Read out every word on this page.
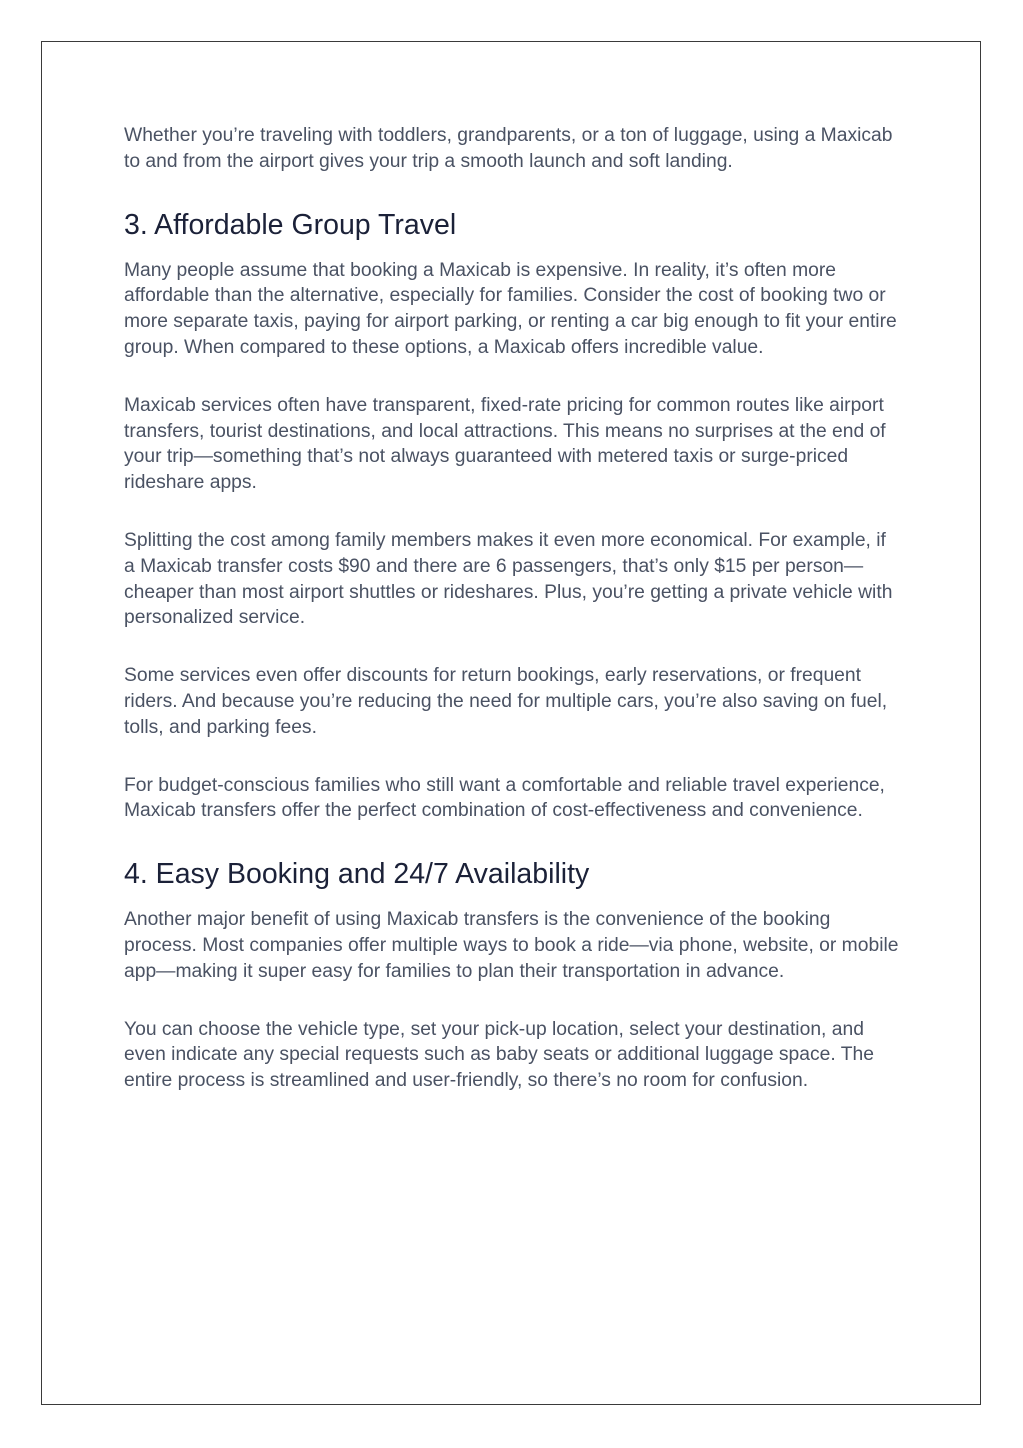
Whether you’re traveling with toddlers, grandparents, or a ton of luggage, using a Maxicab to and from the airport gives your trip a smooth launch and soft landing.

3. Affordable Group Travel

Many people assume that booking a Maxicab is expensive. In reality, it’s often more affordable than the alternative, especially for families. Consider the cost of booking two or more separate taxis, paying for airport parking, or renting a car big enough to fit your entire group. When compared to these options, a Maxicab offers incredible value.

Maxicab services often have transparent, fixed-rate pricing for common routes like airport transfers, tourist destinations, and local attractions. This means no surprises at the end of your trip—something that’s not always guaranteed with metered taxis or surge-priced rideshare apps.

Splitting the cost among family members makes it even more economical. For example, if a Maxicab transfer costs $90 and there are 6 passengers, that’s only $15 per person—cheaper than most airport shuttles or rideshares. Plus, you’re getting a private vehicle with personalized service.

Some services even offer discounts for return bookings, early reservations, or frequent riders. And because you’re reducing the need for multiple cars, you’re also saving on fuel, tolls, and parking fees.

For budget-conscious families who still want a comfortable and reliable travel experience, Maxicab transfers offer the perfect combination of cost-effectiveness and convenience.

4. Easy Booking and 24/7 Availability

Another major benefit of using Maxicab transfers is the convenience of the booking process. Most companies offer multiple ways to book a ride—via phone, website, or mobile app—making it super easy for families to plan their transportation in advance.

You can choose the vehicle type, set your pick-up location, select your destination, and even indicate any special requests such as baby seats or additional luggage space. The entire process is streamlined and user-friendly, so there’s no room for confusion.
